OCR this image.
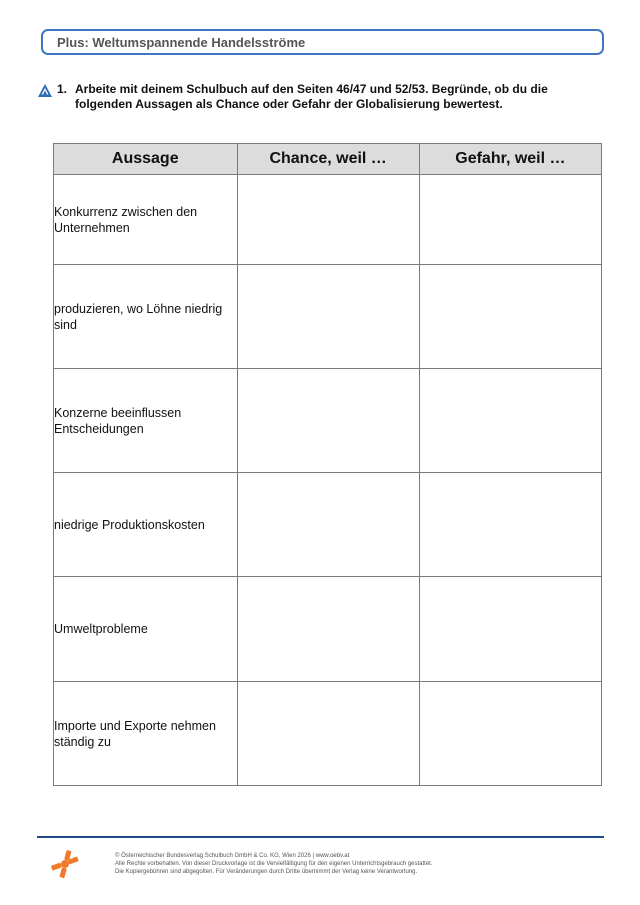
Plus: Weltumspannende Handelsströme
1. Arbeite mit deinem Schulbuch auf den Seiten 46/47 und 52/53. Begründe, ob du die folgenden Aussagen als Chance oder Gefahr der Globalisierung bewertest.
Aussage	Chance, weil …	Gefahr, weil …
Konkurrenz zwischen den Unternehmen		
produzieren, wo Löhne niedrig sind		
Konzerne beeinflussen Entscheidungen		
niedrige Produktionskosten		
Umweltprobleme		
Importe und Exporte nehmen ständig zu		
© Österreichischer Bundesverlag Schulbuch GmbH & Co. KG, Wien 2026 | www.oebv.at
Alle Rechte vorbehalten. Von dieser Druckvorlage ist die Vervielfältigung für den eigenen Unterrichtsgebrauch gestattet.
Die Kopiergebühren sind abgegolten. Für Veränderungen durch Dritte übernimmt der Verlag keine Verantwortung.
